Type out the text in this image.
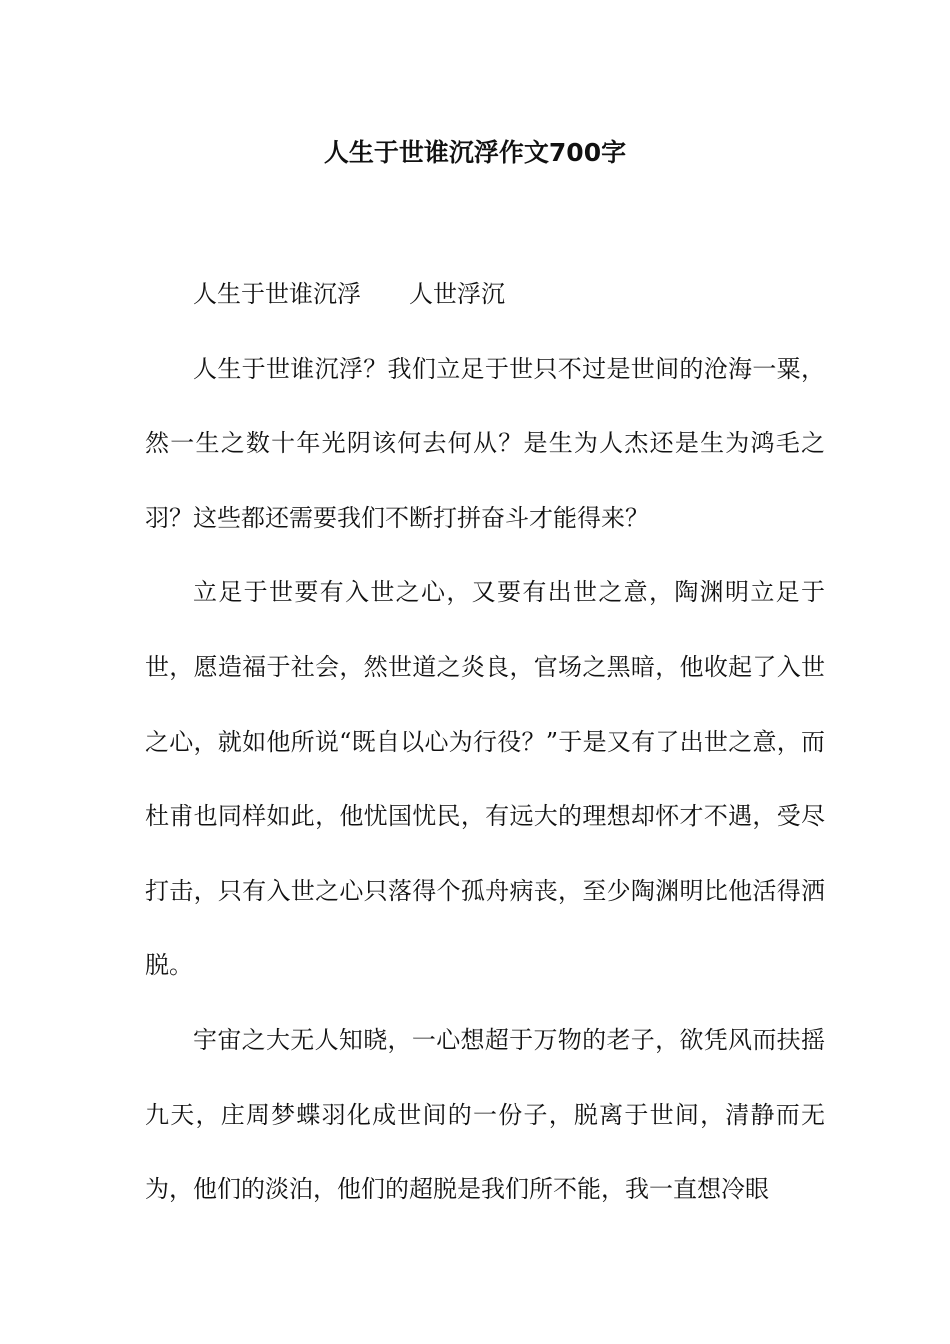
人生于世谁沉浮作文700字

人生于世谁沉浮 人世浮沉

人生于世谁沉浮？我们立足于世只不过是世间的沧海一粟，然一生之数十年光阴该何去何从？是生为人杰还是生为鸿毛之羽？这些都还需要我们不断打拼奋斗才能得来？

立足于世要有入世之心，又要有出世之意，陶渊明立足于世，愿造福于社会，然世道之炎良，官场之黑暗，他收起了入世之心，就如他所说“既自以心为行役？”于是又有了出世之意，而杜甫也同样如此，他忧国忧民，有远大的理想却怀才不遇，受尽打击，只有入世之心只落得个孤舟病丧，至少陶渊明比他活得洒脱。

宇宙之大无人知晓，一心想超于万物的老子，欲凭风而扶摇九天，庄周梦蝶羽化成世间的一份子，脱离于世间，清静而无为，他们的淡泊，他们的超脱是我们所不能，我一直想冷眼
